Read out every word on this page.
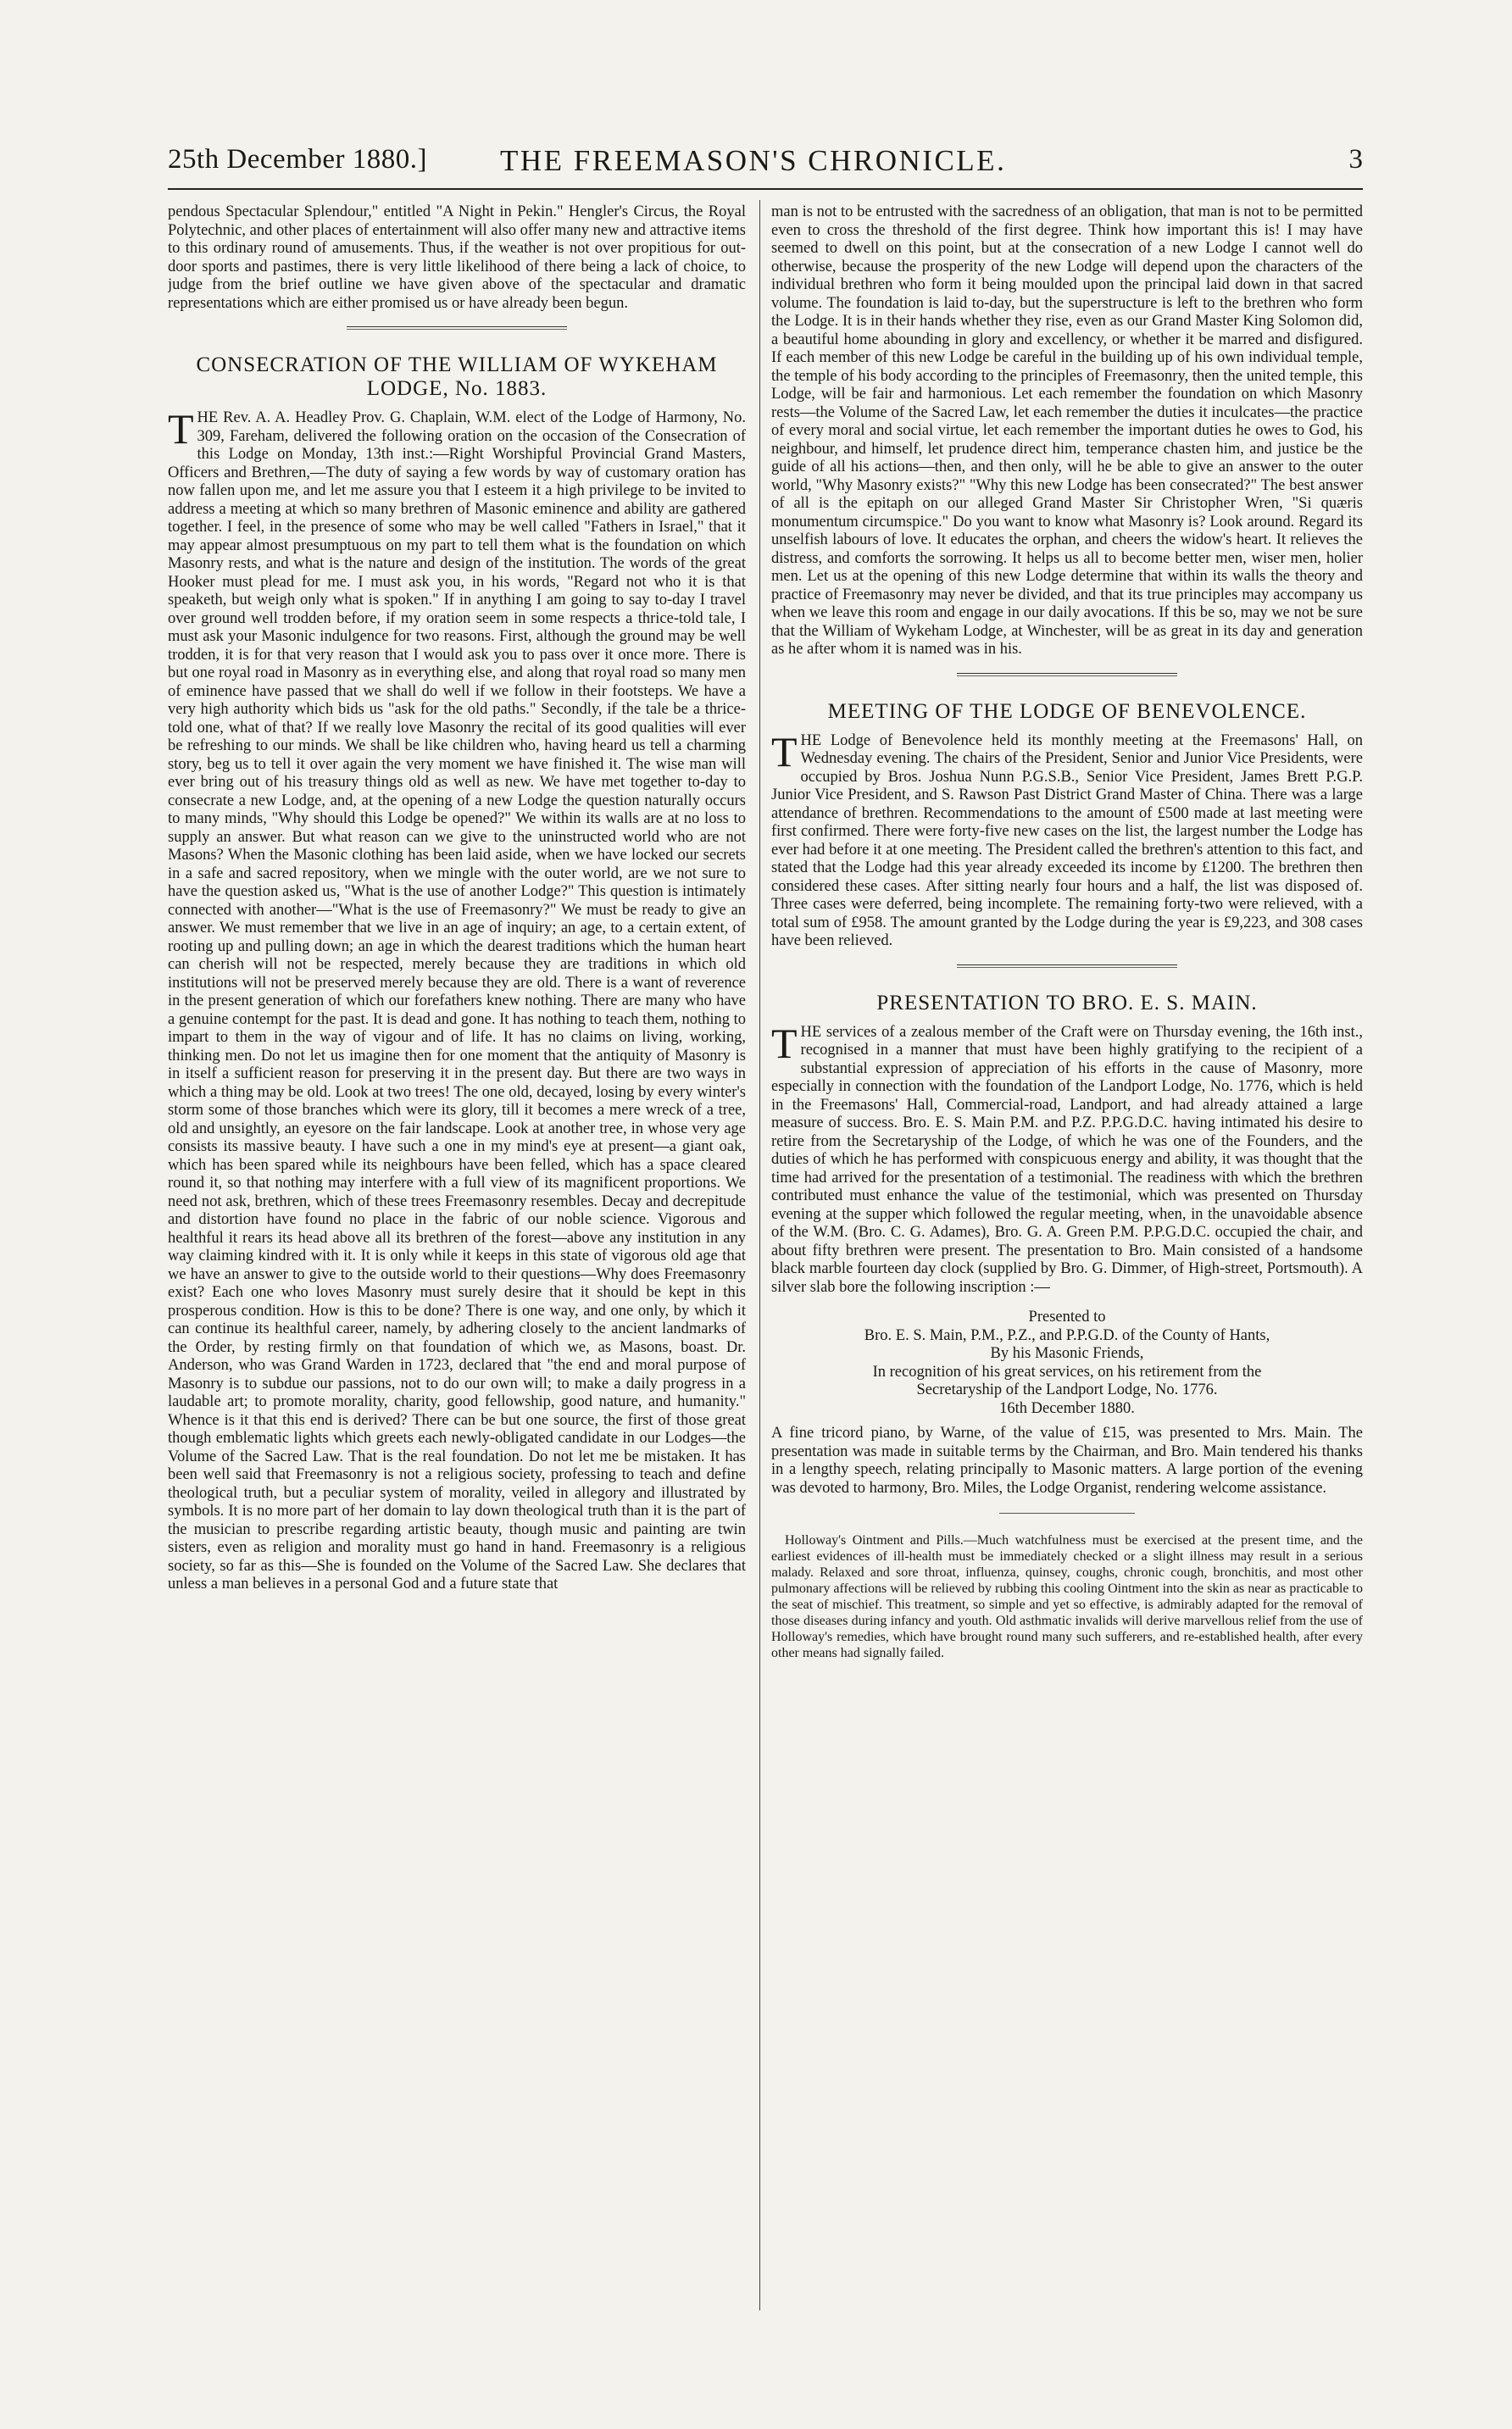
25th December 1880.] THE FREEMASON'S CHRONICLE.	3

pendous Spectacular Splendour," entitled "A Night in Pekin." Hengler's Circus, the Royal Polytechnic, and other places of entertainment will also offer many new and attractive items to this ordinary round of amusements. Thus, if the weather is not over propitious for out-door sports and pastimes, there is very little likelihood of there being a lack of choice, to judge from the brief outline we have given above of the spectacular and dramatic representations which are either promised us or have already been begun.

CONSECRATION OF THE WILLIAM OF WYKEHAM LODGE, No. 1883.

THE Rev. A. A. Headley Prov. G. Chaplain, W.M. elect of the Lodge of Harmony, No. 309, Fareham, delivered the following oration on the occasion of the Consecration of this Lodge on Monday, 13th inst.:—Right Worshipful Provincial Grand Masters, Officers and Brethren,—The duty of saying a few words by way of customary oration has now fallen upon me, and let me assure you that I esteem it a high privilege to be invited to address a meeting at which so many brethren of Masonic eminence and ability are gathered together. I feel, in the presence of some who may be well called "Fathers in Israel," that it may appear almost presumptuous on my part to tell them what is the foundation on which Masonry rests, and what is the nature and design of the institution. The words of the great Hooker must plead for me. I must ask you, in his words, "Regard not who it is that speaketh, but weigh only what is spoken." If in anything I am going to say to-day I travel over ground well trodden before, if my oration seem in some respects a thrice-told tale, I must ask your Masonic indulgence for two reasons. First, although the ground may be well trodden, it is for that very reason that I would ask you to pass over it once more. There is but one royal road in Masonry as in everything else, and along that royal road so many men of eminence have passed that we shall do well if we follow in their footsteps. We have a very high authority which bids us "ask for the old paths." Secondly, if the tale be a thrice-told one, what of that? If we really love Masonry the recital of its good qualities will ever be refreshing to our minds. We shall be like children who, having heard us tell a charming story, beg us to tell it over again the very moment we have finished it. The wise man will ever bring out of his treasury things old as well as new. We have met together to-day to consecrate a new Lodge, and, at the opening of a new Lodge the question naturally occurs to many minds, "Why should this Lodge be opened?" We within its walls are at no loss to supply an answer. But what reason can we give to the uninstructed world who are not Masons? When the Masonic clothing has been laid aside, when we have locked our secrets in a safe and sacred repository, when we mingle with the outer world, are we not sure to have the question asked us, "What is the use of another Lodge?" This question is intimately connected with another—"What is the use of Freemasonry?" We must be ready to give an answer. We must remember that we live in an age of inquiry; an age, to a certain extent, of rooting up and pulling down; an age in which the dearest traditions which the human heart can cherish will not be respected, merely because they are traditions in which old institutions will not be preserved merely because they are old. There is a want of reverence in the present generation of which our forefathers knew nothing. There are many who have a genuine contempt for the past. It is dead and gone. It has nothing to teach them, nothing to impart to them in the way of vigour and of life. It has no claims on living, working, thinking men. Do not let us imagine then for one moment that the antiquity of Masonry is in itself a sufficient reason for preserving it in the present day. But there are two ways in which a thing may be old. Look at two trees! The one old, decayed, losing by every winter's storm some of those branches which were its glory, till it becomes a mere wreck of a tree, old and unsightly, an eyesore on the fair landscape. Look at another tree, in whose very age consists its massive beauty. I have such a one in my mind's eye at present—a giant oak, which has been spared while its neighbours have been felled, which has a space cleared round it, so that nothing may interfere with a full view of its magnificent proportions. We need not ask, brethren, which of these trees Freemasonry resembles. Decay and decrepitude and distortion have found no place in the fabric of our noble science. Vigorous and healthful it rears its head above all its brethren of the forest—above any institution in any way claiming kindred with it. It is only while it keeps in this state of vigorous old age that we have an answer to give to the outside world to their questions—Why does Freemasonry exist? Each one who loves Masonry must surely desire that it should be kept in this prosperous condition. How is this to be done? There is one way, and one only, by which it can continue its healthful career, namely, by adhering closely to the ancient landmarks of the Order, by resting firmly on that foundation of which we, as Masons, boast. Dr. Anderson, who was Grand Warden in 1723, declared that "the end and moral purpose of Masonry is to subdue our passions, not to do our own will; to make a daily progress in a laudable art; to promote morality, charity, good fellowship, good nature, and humanity." Whence is it that this end is derived? There can be but one source, the first of those great though emblematic lights which greets each newly-obligated candidate in our Lodges—the Volume of the Sacred Law. That is the real foundation. Do not let me be mistaken. It has been well said that Freemasonry is not a religious society, professing to teach and define theological truth, but a peculiar system of morality, veiled in allegory and illustrated by symbols. It is no more part of her domain to lay down theological truth than it is the part of the musician to prescribe regarding artistic beauty, though music and painting are twin sisters, even as religion and morality must go hand in hand. Freemasonry is a religious society, so far as this—She is founded on the Volume of the Sacred Law. She declares that unless a man believes in a personal God and a future state that

man is not to be entrusted with the sacredness of an obligation, that man is not to be permitted even to cross the threshold of the first degree. Think how important this is! I may have seemed to dwell on this point, but at the consecration of a new Lodge I cannot well do otherwise, because the prosperity of the new Lodge will depend upon the characters of the individual brethren who form it being moulded upon the principal laid down in that sacred volume. The foundation is laid to-day, but the superstructure is left to the brethren who form the Lodge. It is in their hands whether they rise, even as our Grand Master King Solomon did, a beautiful home abounding in glory and excellency, or whether it be marred and disfigured. If each member of this new Lodge be careful in the building up of his own individual temple, the temple of his body according to the principles of Freemasonry, then the united temple, this Lodge, will be fair and harmonious. Let each remember the foundation on which Masonry rests—the Volume of the Sacred Law, let each remember the duties it inculcates—the practice of every moral and social virtue, let each remember the important duties he owes to God, his neighbour, and himself, let prudence direct him, temperance chasten him, and justice be the guide of all his actions—then, and then only, will he be able to give an answer to the outer world, "Why Masonry exists?" "Why this new Lodge has been consecrated?" The best answer of all is the epitaph on our alleged Grand Master Sir Christopher Wren, "Si quæris monumentum circumspice." Do you want to know what Masonry is? Look around. Regard its unselfish labours of love. It educates the orphan, and cheers the widow's heart. It relieves the distress, and comforts the sorrowing. It helps us all to become better men, wiser men, holier men. Let us at the opening of this new Lodge determine that within its walls the theory and practice of Freemasonry may never be divided, and that its true principles may accompany us when we leave this room and engage in our daily avocations. If this be so, may we not be sure that the William of Wykeham Lodge, at Winchester, will be as great in its day and generation as he after whom it is named was in his.

MEETING OF THE LODGE OF BENEVOLENCE.

THE Lodge of Benevolence held its monthly meeting at the Freemasons' Hall, on Wednesday evening. The chairs of the President, Senior and Junior Vice Presidents, were occupied by Bros. Joshua Nunn P.G.S.B., Senior Vice President, James Brett P.G.P. Junior Vice President, and S. Rawson Past District Grand Master of China. There was a large attendance of brethren. Recommendations to the amount of £500 made at last meeting were first confirmed. There were forty-five new cases on the list, the largest number the Lodge has ever had before it at one meeting. The President called the brethren's attention to this fact, and stated that the Lodge had this year already exceeded its income by £1200. The brethren then considered these cases. After sitting nearly four hours and a half, the list was disposed of. Three cases were deferred, being incomplete. The remaining forty-two were relieved, with a total sum of £958. The amount granted by the Lodge during the year is £9,223, and 308 cases have been relieved.

PRESENTATION TO BRO. E. S. MAIN.

THE services of a zealous member of the Craft were on Thursday evening, the 16th inst., recognised in a manner that must have been highly gratifying to the recipient of a substantial expression of appreciation of his efforts in the cause of Masonry, more especially in connection with the foundation of the Landport Lodge, No. 1776, which is held in the Freemasons' Hall, Commercial-road, Landport, and had already attained a large measure of success. Bro. E. S. Main P.M. and P.Z. P.P.G.D.C. having intimated his desire to retire from the Secretaryship of the Lodge, of which he was one of the Founders, and the duties of which he has performed with conspicuous energy and ability, it was thought that the time had arrived for the presentation of a testimonial. The readiness with which the brethren contributed must enhance the value of the testimonial, which was presented on Thursday evening at the supper which followed the regular meeting, when, in the unavoidable absence of the W.M. (Bro. C. G. Adames), Bro. G. A. Green P.M. P.P.G.D.C. occupied the chair, and about fifty brethren were present. The presentation to Bro. Main consisted of a handsome black marble fourteen day clock (supplied by Bro. G. Dimmer, of High-street, Portsmouth). A silver slab bore the following inscription :—

Presented to
Bro. E. S. Main, P.M., P.Z., and P.P.G.D. of the County of Hants,
By his Masonic Friends,
In recognition of his great services, on his retirement from the
Secretaryship of the Landport Lodge, No. 1776.
16th December 1880.

A fine tricord piano, by Warne, of the value of £15, was presented to Mrs. Main. The presentation was made in suitable terms by the Chairman, and Bro. Main tendered his thanks in a lengthy speech, relating principally to Masonic matters. A large portion of the evening was devoted to harmony, Bro. Miles, the Lodge Organist, rendering welcome assistance.

Holloway's Ointment and Pills.—Much watchfulness must be exercised at the present time, and the earliest evidences of ill-health must be immediately checked or a slight illness may result in a serious malady. Relaxed and sore throat, influenza, quinsey, coughs, chronic cough, bronchitis, and most other pulmonary affections will be relieved by rubbing this cooling Ointment into the skin as near as practicable to the seat of mischief. This treatment, so simple and yet so effective, is admirably adapted for the removal of those diseases during infancy and youth. Old asthmatic invalids will derive marvellous relief from the use of Holloway's remedies, which have brought round many such sufferers, and re-established health, after every other means had signally failed.
